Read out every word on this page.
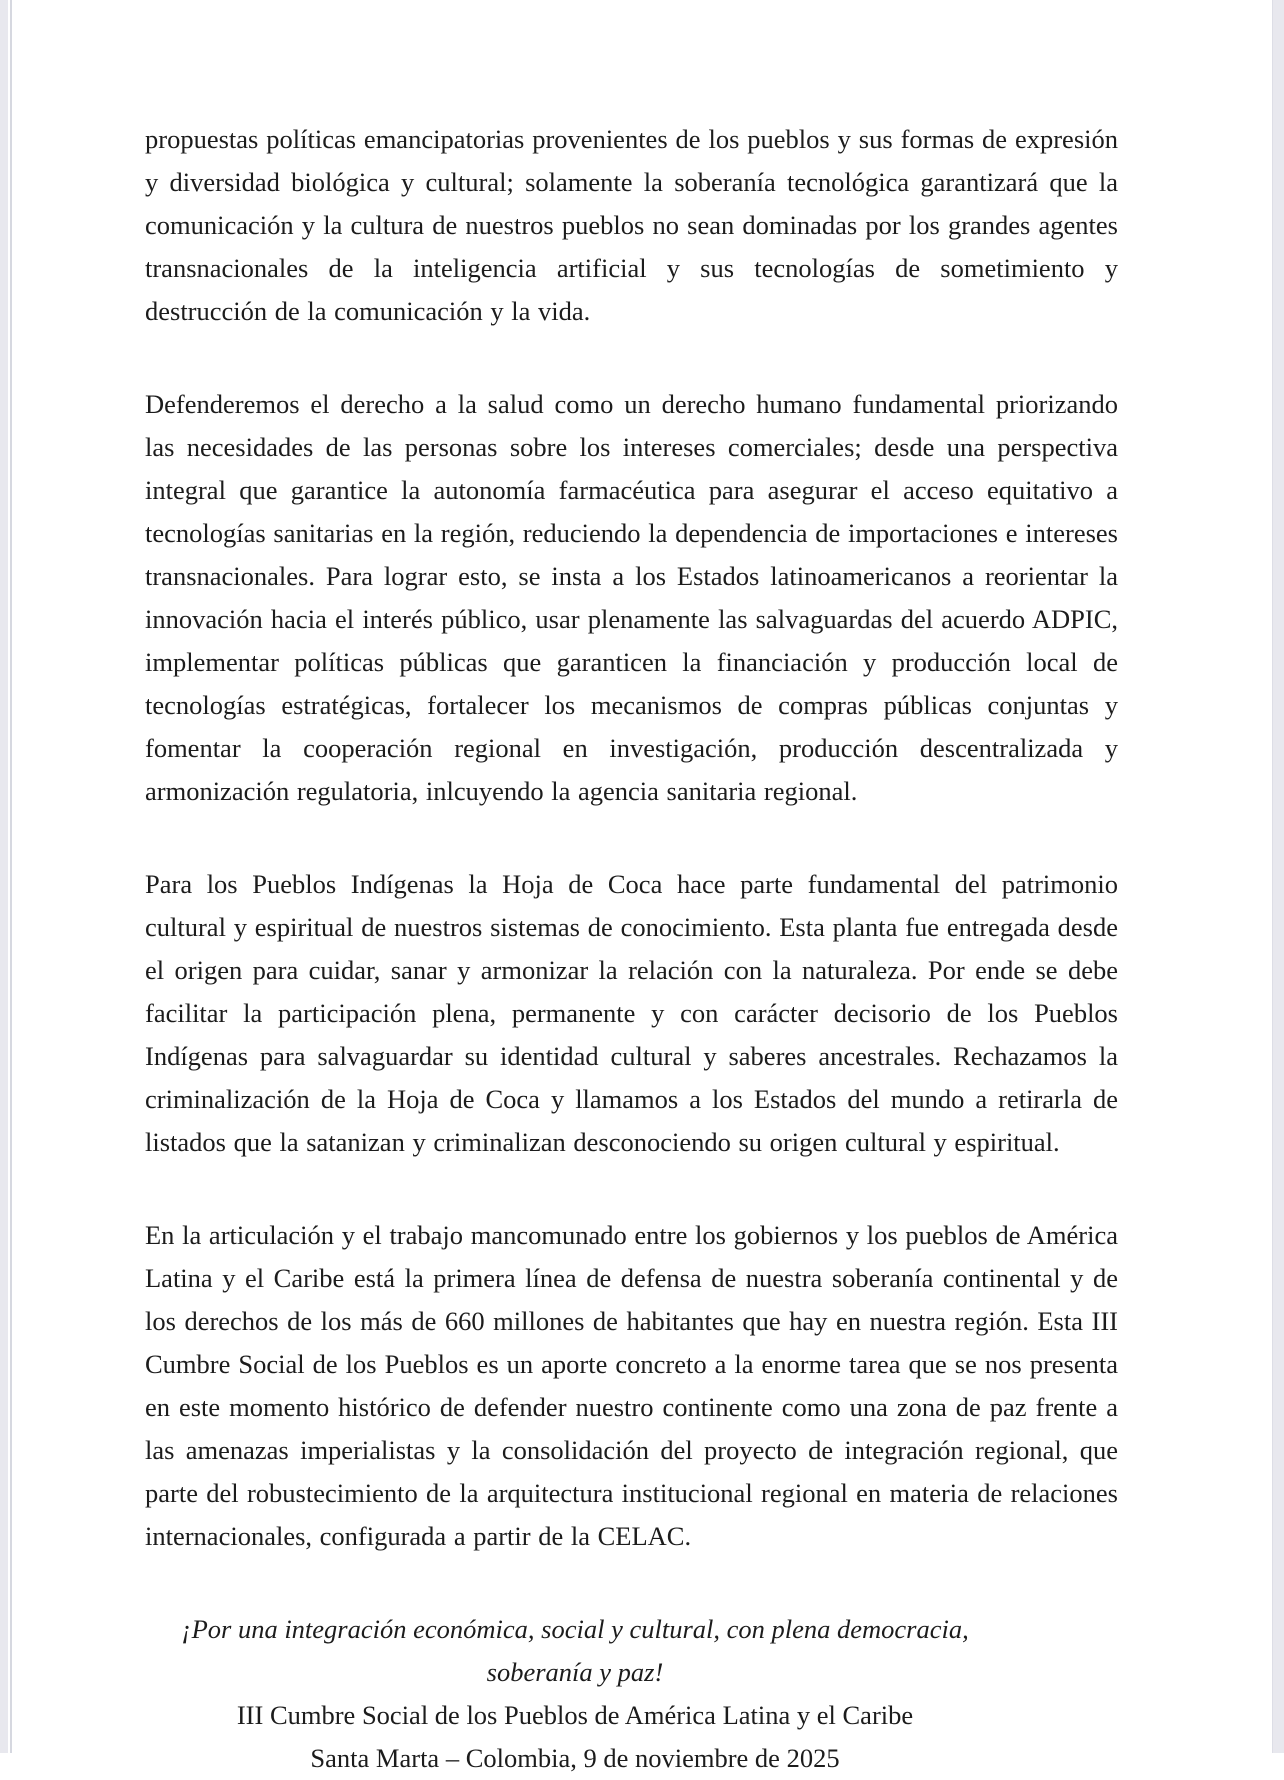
propuestas políticas emancipatorias provenientes de los pueblos y sus formas de expresión y diversidad biológica y cultural; solamente la soberanía tecnológica garantizará que la comunicación y la cultura de nuestros pueblos no sean dominadas por los grandes agentes transnacionales de la inteligencia artificial y sus tecnologías de sometimiento y destrucción de la comunicación y la vida.

Defenderemos el derecho a la salud como un derecho humano fundamental priorizando las necesidades de las personas sobre los intereses comerciales; desde una perspectiva integral que garantice la autonomía farmacéutica para asegurar el acceso equitativo a tecnologías sanitarias en la región, reduciendo la dependencia de importaciones e intereses transnacionales. Para lograr esto, se insta a los Estados latinoamericanos a reorientar la innovación hacia el interés público, usar plenamente las salvaguardas del acuerdo ADPIC, implementar políticas públicas que garanticen la financiación y producción local de tecnologías estratégicas, fortalecer los mecanismos de compras públicas conjuntas y fomentar la cooperación regional en investigación, producción descentralizada y armonización regulatoria, inlcuyendo la agencia sanitaria regional.

Para los Pueblos Indígenas la Hoja de Coca hace parte fundamental del patrimonio cultural y espiritual de nuestros sistemas de conocimiento. Esta planta fue entregada desde el origen para cuidar, sanar y armonizar la relación con la naturaleza. Por ende se debe facilitar la participación plena, permanente y con carácter decisorio de los Pueblos Indígenas para salvaguardar su identidad cultural y saberes ancestrales. Rechazamos la criminalización de la Hoja de Coca y llamamos a los Estados del mundo a retirarla de listados que la satanizan y criminalizan desconociendo su origen cultural y espiritual.

En la articulación y el trabajo mancomunado entre los gobiernos y los pueblos de América Latina y el Caribe está la primera línea de defensa de nuestra soberanía continental y de los derechos de los más de 660 millones de habitantes que hay en nuestra región. Esta III Cumbre Social de los Pueblos es un aporte concreto a la enorme tarea que se nos presenta en este momento histórico de defender nuestro continente como una zona de paz frente a las amenazas imperialistas y la consolidación del proyecto de integración regional, que parte del robustecimiento de la arquitectura institucional regional en materia de relaciones internacionales, configurada a partir de la CELAC.

¡Por una integración económica, social y cultural, con plena democracia, soberanía y paz!

III Cumbre Social de los Pueblos de América Latina y el Caribe

Santa Marta – Colombia, 9 de noviembre de 2025
